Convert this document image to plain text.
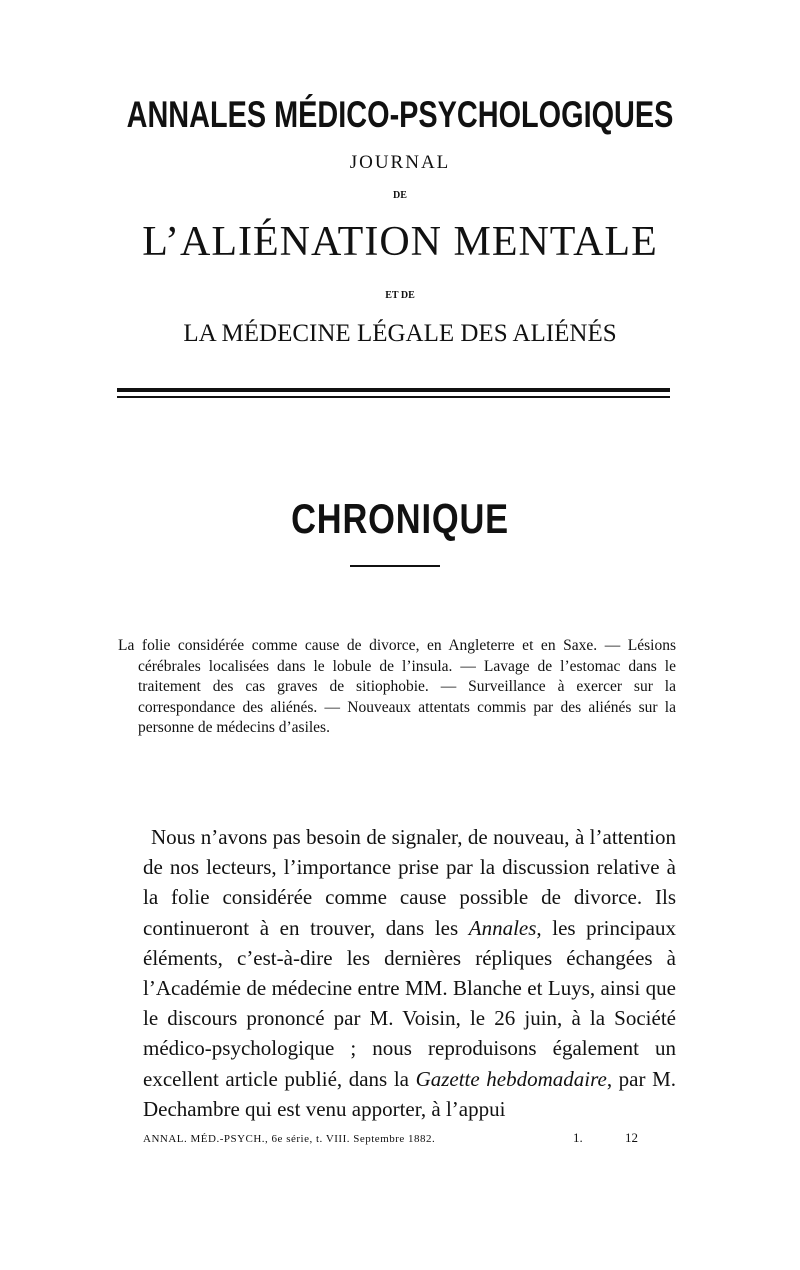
ANNALES MÉDICO-PSYCHOLOGIQUES
JOURNAL
DE
L’ALIÉNATION MENTALE
ET DE
LA MÉDECINE LÉGALE DES ALIÉNÉS
CHRONIQUE

La folie considérée comme cause de divorce, en Angleterre et en Saxe. — Lésions cérébrales localisées dans le lobule de l’insula. — Lavage de l’estomac dans le traitement des cas graves de sitiophobie. — Surveillance à exercer sur la correspondance des aliénés. — Nouveaux attentats commis par des aliénés sur la personne de médecins d’asiles.

Nous n’avons pas besoin de signaler, de nouveau, à l’attention de nos lecteurs, l’importance prise par la discussion relative à la folie considérée comme cause possible de divorce. Ils continueront à en trouver, dans les Annales, les principaux éléments, c’est-à-dire les dernières répliques échangées à l’Académie de médecine entre MM. Blanche et Luys, ainsi que le discours prononcé par M. Voisin, le 26 juin, à la Société médico-psychologique ; nous reproduisons également un excellent article publié, dans la Gazette hebdomadaire, par M. Dechambre qui est venu apporter, à l’appui

ANNAL. MÉD.-PSYCH., 6e série, t. VIII. Septembre 1882.	1.	12
